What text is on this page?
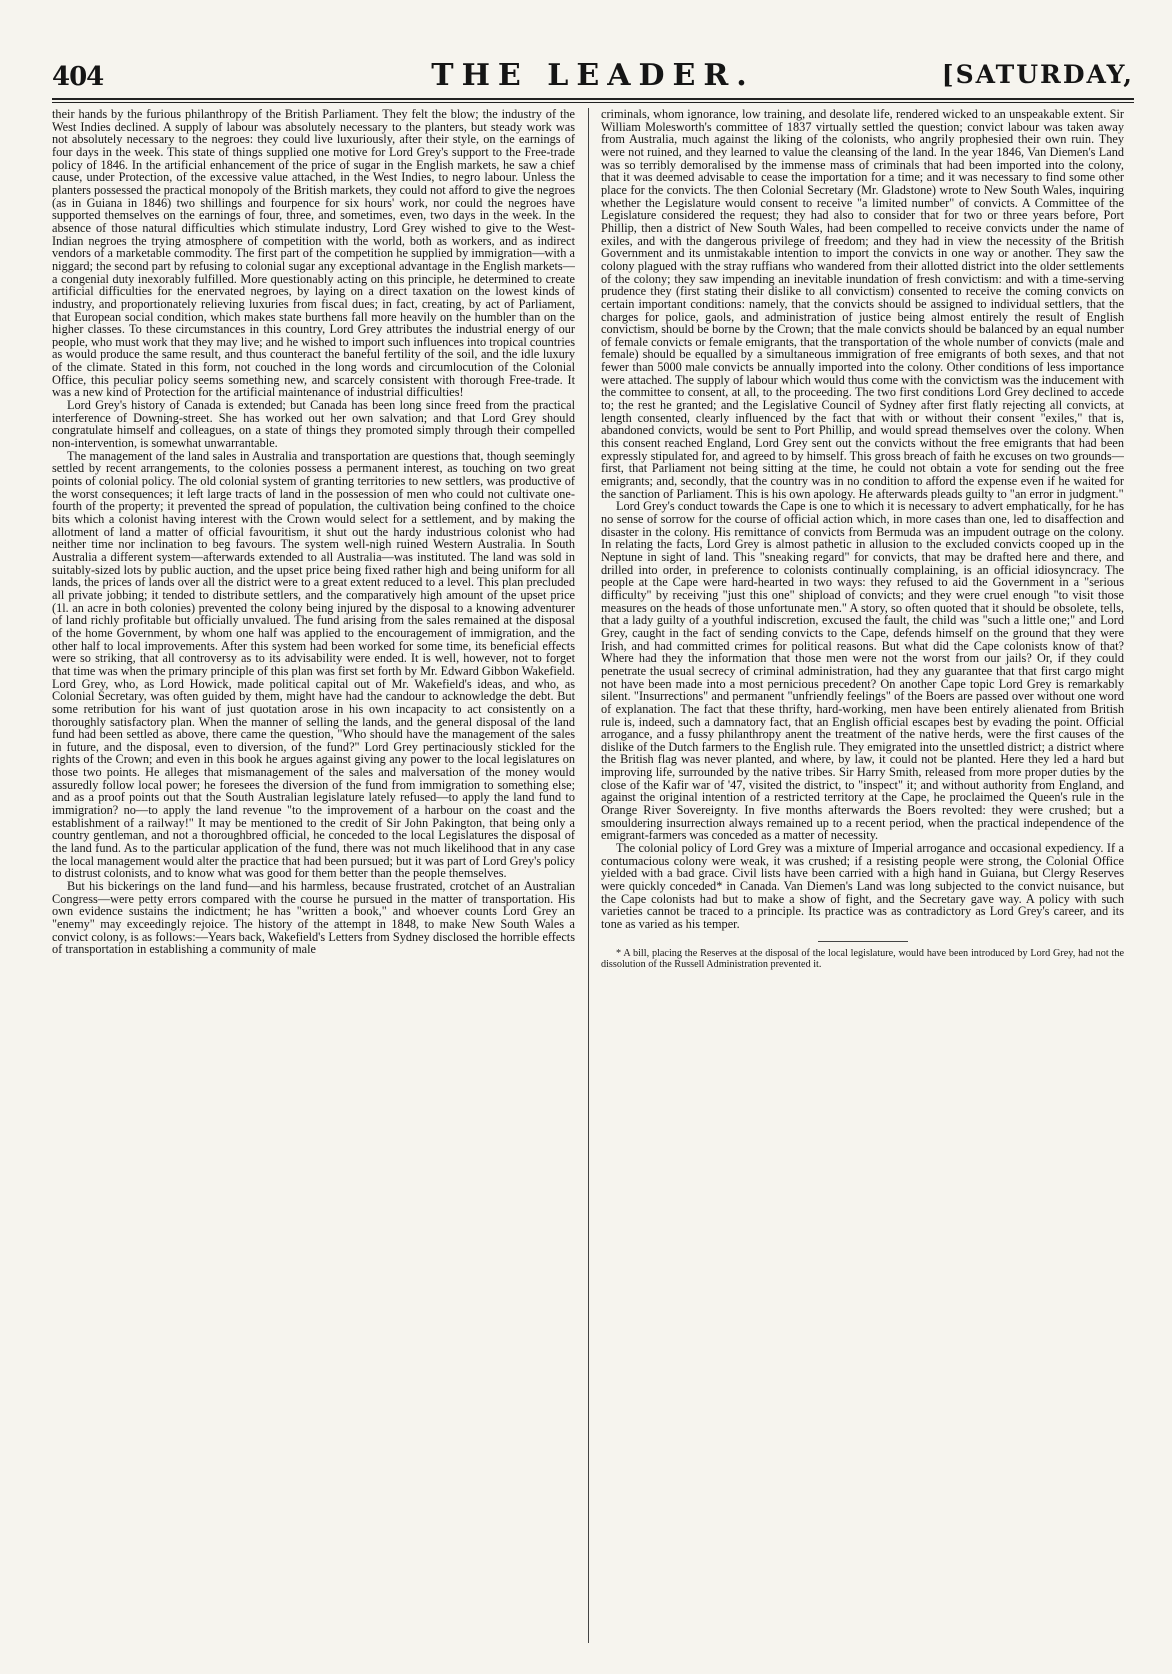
404	THE LEADER.	[SATURDAY,

their hands by the furious philanthropy of the British Parliament. They felt the blow; the industry of the West Indies declined. A supply of labour was absolutely necessary to the planters, but steady work was not absolutely necessary to the negroes: they could live luxuriously, after their style, on the earnings of four days in the week. This state of things supplied one motive for Lord Grey's support to the Free-trade policy of 1846. In the artificial enhancement of the price of sugar in the English markets, he saw a chief cause, under Protection, of the excessive value attached, in the West Indies, to negro labour. Unless the planters possessed the practical monopoly of the British markets, they could not afford to give the negroes (as in Guiana in 1846) two shillings and fourpence for six hours' work, nor could the negroes have supported themselves on the earnings of four, three, and sometimes, even, two days in the week. In the absence of those natural difficulties which stimulate industry, Lord Grey wished to give to the West-Indian negroes the trying atmosphere of competition with the world, both as workers, and as indirect vendors of a marketable commodity. The first part of the competition he supplied by immigration—with a niggard; the second part by refusing to colonial sugar any exceptional advantage in the English markets—a congenial duty inexorably fulfilled. More questionably acting on this principle, he determined to create artificial difficulties for the enervated negroes, by laying on a direct taxation on the lowest kinds of industry, and proportionately relieving luxuries from fiscal dues; in fact, creating, by act of Parliament, that European social condition, which makes state burthens fall more heavily on the humbler than on the higher classes. To these circumstances in this country, Lord Grey attributes the industrial energy of our people, who must work that they may live; and he wished to import such influences into tropical countries as would produce the same result, and thus counteract the baneful fertility of the soil, and the idle luxury of the climate. Stated in this form, not couched in the long words and circumlocution of the Colonial Office, this peculiar policy seems something new, and scarcely consistent with thorough Free-trade. It was a new kind of Protection for the artificial maintenance of industrial difficulties!

Lord Grey's history of Canada is extended; but Canada has been long since freed from the practical interference of Downing-street. She has worked out her own salvation; and that Lord Grey should congratulate himself and colleagues, on a state of things they promoted simply through their compelled non-intervention, is somewhat unwarrantable.

The management of the land sales in Australia and transportation are questions that, though seemingly settled by recent arrangements, to the colonies possess a permanent interest, as touching on two great points of colonial policy. The old colonial system of granting territories to new settlers, was productive of the worst consequences; it left large tracts of land in the possession of men who could not cultivate one-fourth of the property; it prevented the spread of population, the cultivation being confined to the choice bits which a colonist having interest with the Crown would select for a settlement, and by making the allotment of land a matter of official favouritism, it shut out the hardy industrious colonist who had neither time nor inclination to beg favours. The system well-nigh ruined Western Australia. In South Australia a different system—afterwards extended to all Australia—was instituted. The land was sold in suitably-sized lots by public auction, and the upset price being fixed rather high and being uniform for all lands, the prices of lands over all the district were to a great extent reduced to a level. This plan precluded all private jobbing; it tended to distribute settlers, and the comparatively high amount of the upset price (1l. an acre in both colonies) prevented the colony being injured by the disposal to a knowing adventurer of land richly profitable but officially unvalued. The fund arising from the sales remained at the disposal of the home Government, by whom one half was applied to the encouragement of immigration, and the other half to local improvements. After this system had been worked for some time, its beneficial effects were so striking, that all controversy as to its advisability were ended. It is well, however, not to forget that time was when the primary principle of this plan was first set forth by Mr. Edward Gibbon Wakefield. Lord Grey, who, as Lord Howick, made political capital out of Mr. Wakefield's ideas, and who, as Colonial Secretary, was often guided by them, might have had the candour to acknowledge the debt. But some retribution for his want of just quotation arose in his own incapacity to act consistently on a thoroughly satisfactory plan. When the manner of selling the lands, and the general disposal of the land fund had been settled as above, there came the question, "Who should have the management of the sales in future, and the disposal, even to diversion, of the fund?" Lord Grey pertinaciously stickled for the rights of the Crown; and even in this book he argues against giving any power to the local legislatures on those two points. He alleges that mismanagement of the sales and malversation of the money would assuredly follow local power; he foresees the diversion of the fund from immigration to something else; and as a proof points out that the South Australian legislature lately refused—to apply the land fund to immigration? no—to apply the land revenue "to the improvement of a harbour on the coast and the establishment of a railway!" It may be mentioned to the credit of Sir John Pakington, that being only a country gentleman, and not a thoroughbred official, he conceded to the local Legislatures the disposal of the land fund. As to the particular application of the fund, there was not much likelihood that in any case the local management would alter the practice that had been pursued; but it was part of Lord Grey's policy to distrust colonists, and to know what was good for them better than the people themselves.

But his bickerings on the land fund—and his harmless, because frustrated, crotchet of an Australian Congress—were petty errors compared with the course he pursued in the matter of transportation. His own evidence sustains the indictment; he has "written a book," and whoever counts Lord Grey an "enemy" may exceedingly rejoice. The history of the attempt in 1848, to make New South Wales a convict colony, is as follows:—Years back, Wakefield's Letters from Sydney disclosed the horrible effects of transportation in establishing a community of male

criminals, whom ignorance, low training, and desolate life, rendered wicked to an unspeakable extent. Sir William Molesworth's committee of 1837 virtually settled the question; convict labour was taken away from Australia, much against the liking of the colonists, who angrily prophesied their own ruin. They were not ruined, and they learned to value the cleansing of the land. In the year 1846, Van Diemen's Land was so terribly demoralised by the immense mass of criminals that had been imported into the colony, that it was deemed advisable to cease the importation for a time; and it was necessary to find some other place for the convicts. The then Colonial Secretary (Mr. Gladstone) wrote to New South Wales, inquiring whether the Legislature would consent to receive "a limited number" of convicts. A Committee of the Legislature considered the request; they had also to consider that for two or three years before, Port Phillip, then a district of New South Wales, had been compelled to receive convicts under the name of exiles, and with the dangerous privilege of freedom; and they had in view the necessity of the British Government and its unmistakable intention to import the convicts in one way or another. They saw the colony plagued with the stray ruffians who wandered from their allotted district into the older settlements of the colony; they saw impending an inevitable inundation of fresh convictism: and with a time-serving prudence they (first stating their dislike to all convictism) consented to receive the coming convicts on certain important conditions: namely, that the convicts should be assigned to individual settlers, that the charges for police, gaols, and administration of justice being almost entirely the result of English convictism, should be borne by the Crown; that the male convicts should be balanced by an equal number of female convicts or female emigrants, that the transportation of the whole number of convicts (male and female) should be equalled by a simultaneous immigration of free emigrants of both sexes, and that not fewer than 5000 male convicts be annually imported into the colony. Other conditions of less importance were attached. The supply of labour which would thus come with the convictism was the inducement with the committee to consent, at all, to the proceeding. The two first conditions Lord Grey declined to accede to; the rest he granted; and the Legislative Council of Sydney after first flatly rejecting all convicts, at length consented, clearly influenced by the fact that with or without their consent "exiles," that is, abandoned convicts, would be sent to Port Phillip, and would spread themselves over the colony. When this consent reached England, Lord Grey sent out the convicts without the free emigrants that had been expressly stipulated for, and agreed to by himself. This gross breach of faith he excuses on two grounds—first, that Parliament not being sitting at the time, he could not obtain a vote for sending out the free emigrants; and, secondly, that the country was in no condition to afford the expense even if he waited for the sanction of Parliament. This is his own apology. He afterwards pleads guilty to "an error in judgment."

Lord Grey's conduct towards the Cape is one to which it is necessary to advert emphatically, for he has no sense of sorrow for the course of official action which, in more cases than one, led to disaffection and disaster in the colony. His remittance of convicts from Bermuda was an impudent outrage on the colony. In relating the facts, Lord Grey is almost pathetic in allusion to the excluded convicts cooped up in the Neptune in sight of land. This "sneaking regard" for convicts, that may be drafted here and there, and drilled into order, in preference to colonists continually complaining, is an official idiosyncracy. The people at the Cape were hard-hearted in two ways: they refused to aid the Government in a "serious difficulty" by receiving "just this one" shipload of convicts; and they were cruel enough "to visit those measures on the heads of those unfortunate men." A story, so often quoted that it should be obsolete, tells, that a lady guilty of a youthful indiscretion, excused the fault, the child was "such a little one;" and Lord Grey, caught in the fact of sending convicts to the Cape, defends himself on the ground that they were Irish, and had committed crimes for political reasons. But what did the Cape colonists know of that? Where had they the information that those men were not the worst from our jails? Or, if they could penetrate the usual secrecy of criminal administration, had they any guarantee that that first cargo might not have been made into a most pernicious precedent? On another Cape topic Lord Grey is remarkably silent. "Insurrections" and permanent "unfriendly feelings" of the Boers are passed over without one word of explanation. The fact that these thrifty, hard-working, men have been entirely alienated from British rule is, indeed, such a damnatory fact, that an English official escapes best by evading the point. Official arrogance, and a fussy philanthropy anent the treatment of the native herds, were the first causes of the dislike of the Dutch farmers to the English rule. They emigrated into the unsettled district; a district where the British flag was never planted, and where, by law, it could not be planted. Here they led a hard but improving life, surrounded by the native tribes. Sir Harry Smith, released from more proper duties by the close of the Kafir war of '47, visited the district, to "inspect" it; and without authority from England, and against the original intention of a restricted territory at the Cape, he proclaimed the Queen's rule in the Orange River Sovereignty. In five months afterwards the Boers revolted: they were crushed; but a smouldering insurrection always remained up to a recent period, when the practical independence of the emigrant-farmers was conceded as a matter of necessity.

The colonial policy of Lord Grey was a mixture of Imperial arrogance and occasional expediency. If a contumacious colony were weak, it was crushed; if a resisting people were strong, the Colonial Office yielded with a bad grace. Civil lists have been carried with a high hand in Guiana, but Clergy Reserves were quickly conceded* in Canada. Van Diemen's Land was long subjected to the convict nuisance, but the Cape colonists had but to make a show of fight, and the Secretary gave way. A policy with such varieties cannot be traced to a principle. Its practice was as contradictory as Lord Grey's career, and its tone as varied as his temper.

* A bill, placing the Reserves at the disposal of the local legislature, would have been introduced by Lord Grey, had not the dissolution of the Russell Administration prevented it.
